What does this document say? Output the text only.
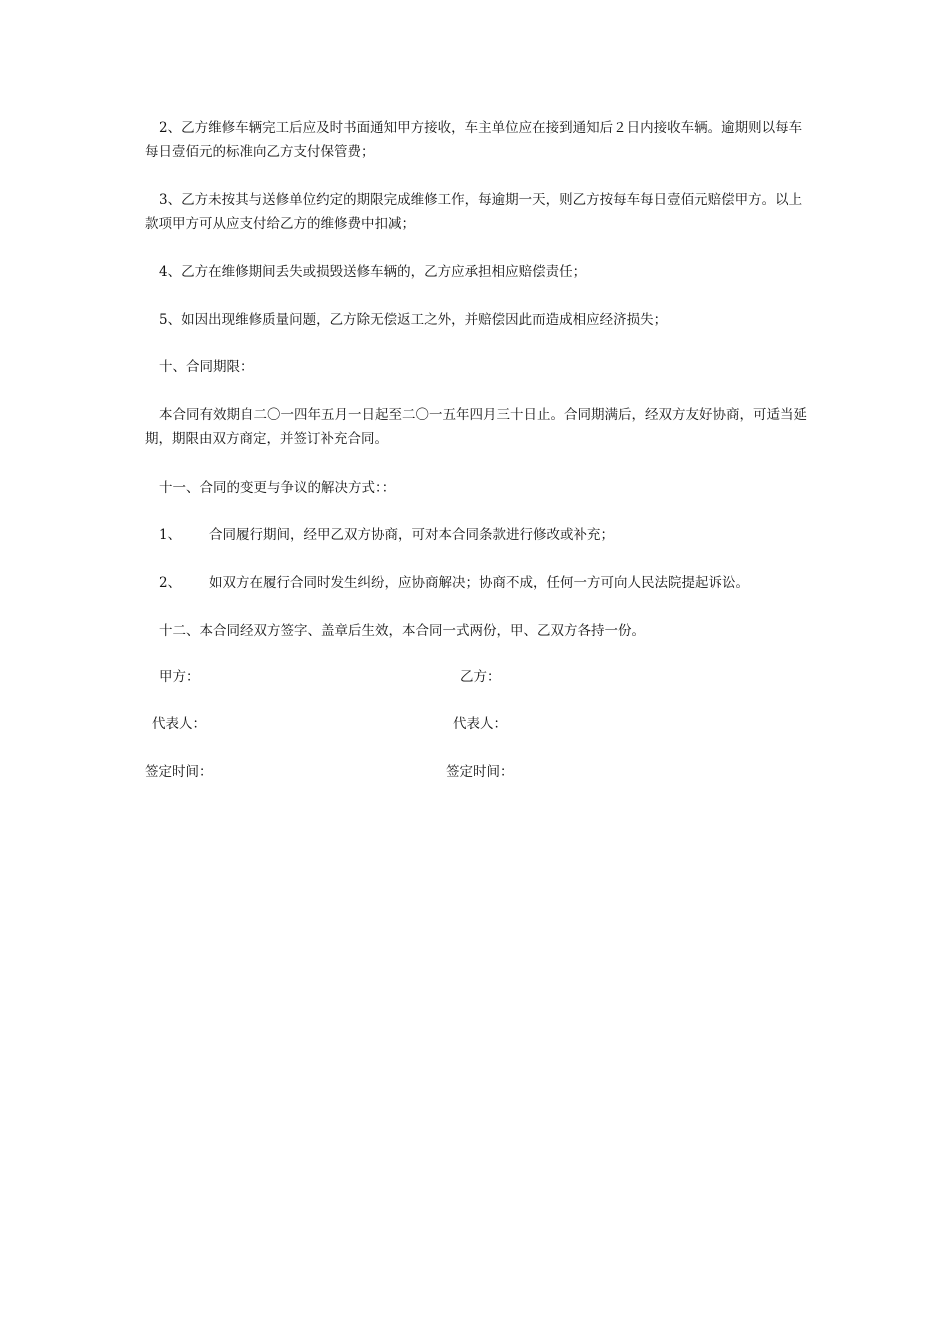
2、乙方维修车辆完工后应及时书面通知甲方接收，车主单位应在接到通知后２日内接收车辆。逾期则以每车每日壹佰元的标准向乙方支付保管费；

3、乙方未按其与送修单位约定的期限完成维修工作，每逾期一天，则乙方按每车每日壹佰元赔偿甲方。以上款项甲方可从应支付给乙方的维修费中扣减；

4、乙方在维修期间丢失或损毁送修车辆的，乙方应承担相应赔偿责任；

5、如因出现维修质量问题，乙方除无偿返工之外，并赔偿因此而造成相应经济损失；

十、合同期限：

本合同有效期自二〇一四年五月一日起至二〇一五年四月三十日止。合同期满后，经双方友好协商，可适当延期，期限由双方商定，并签订补充合同。

十一、合同的变更与争议的解决方式：：

1、 合同履行期间，经甲乙双方协商，可对本合同条款进行修改或补充；
2、 如双方在履行合同时发生纠纷，应协商解决；协商不成，任何一方可向人民法院提起诉讼。

十二、本合同经双方签字、盖章后生效，本合同一式两份，甲、乙双方各持一份。

甲方：	乙方：
代表人：	代表人：
签定时间：	签定时间：
